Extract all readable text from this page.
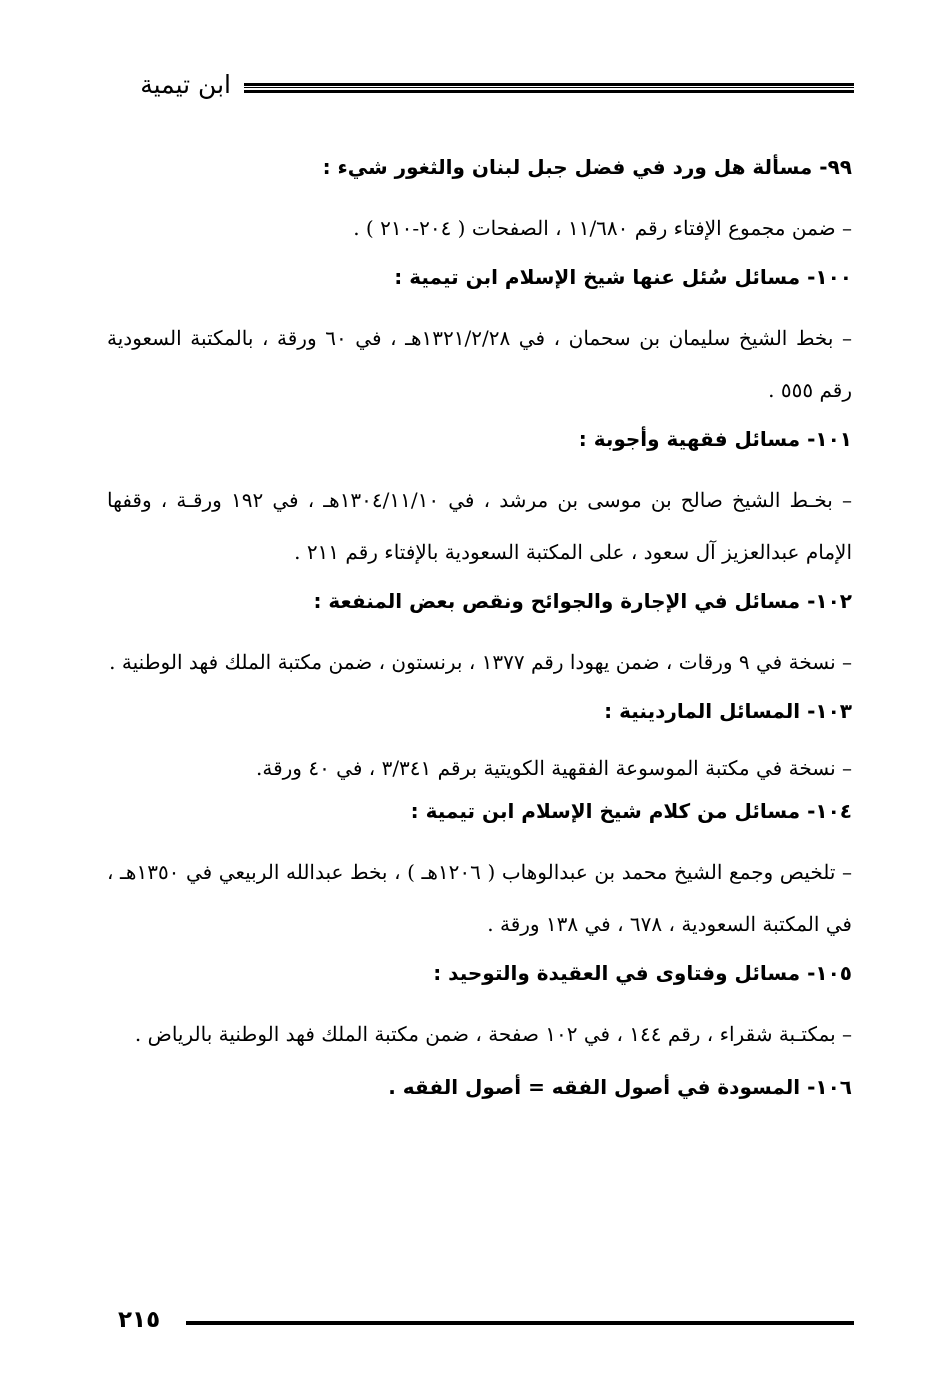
ابن تيمية
٩٩- مسألة هل ورد في فضل جبل لبنان والثغور شيء :
– ضمن مجموع الإفتاء رقم ١١/٦٨٠ ، الصفحات ( ٢٠٤-٢١٠ ) .
١٠٠- مسائل سُئل عنها شيخ الإسلام ابن تيمية :
– بخط الشيخ سليمان بن سحمان ، في ١٣٢١/٢/٢٨هـ ، في ٦٠ ورقة ، بالمكتبة السعودية رقم ٥٥٥ .
١٠١- مسائل فقهية وأجوبة :
– بخـط الشيخ صالح بن موسى بن مرشد ، في ١٣٠٤/١١/١٠هـ ، في ١٩٢ ورقـة ، وقفها الإمام عبدالعزيز آل سعود ، على المكتبة السعودية بالإفتاء رقم ٢١١ .
١٠٢- مسائل في الإجارة والجوائح ونقص بعض المنفعة :
– نسخة في ٩ ورقات ، ضمن يهودا رقم ١٣٧٧ ، برنستون ، ضمن مكتبة الملك فهد الوطنية .
١٠٣- المسائل الماردينية :
– نسخة في مكتبة الموسوعة الفقهية الكويتية برقم ٣/٣٤١ ، في ٤٠ ورقة.
١٠٤- مسائل من كلام شيخ الإسلام ابن تيمية :
– تلخيص وجمع الشيخ محمد بن عبدالوهاب ( ١٢٠٦هـ ) ، بخط عبدالله الربيعي في ١٣٥٠هـ ، في المكتبة السعودية ، ٦٧٨ ، في ١٣٨ ورقة .
١٠٥- مسائل وفتاوى في العقيدة والتوحيد :
– بمكتـبة شقراء ، رقم ١٤٤ ، في ١٠٢ صفحة ، ضمن مكتبة الملك فهد الوطنية بالرياض .
١٠٦- المسودة في أصول الفقه = أصول الفقه .
٢١٥
